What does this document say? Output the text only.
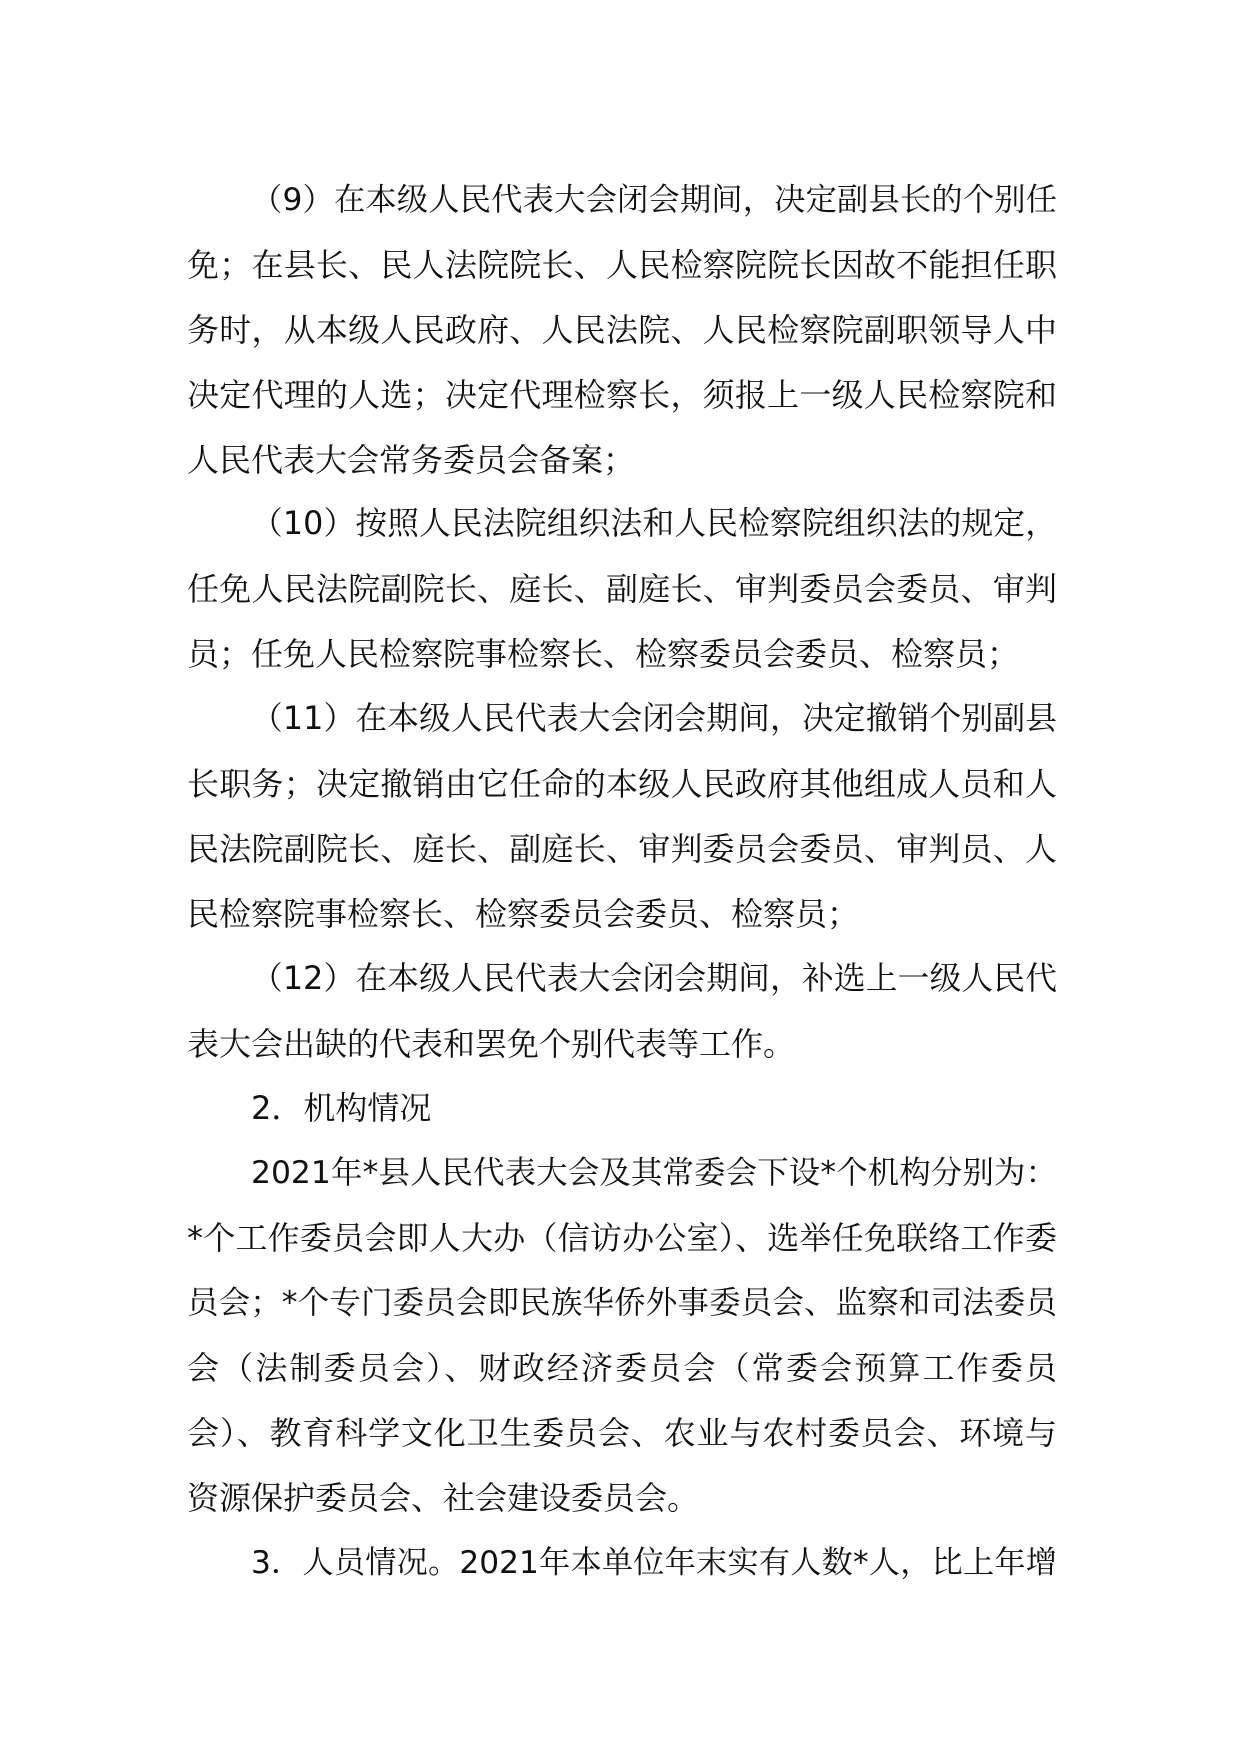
（9）在本级人民代表大会闭会期间，决定副县长的个别任
免；在县长、民人法院院长、人民检察院院长因故不能担任职
务时，从本级人民政府、人民法院、人民检察院副职领导人中
决定代理的人选；决定代理检察长，须报上一级人民检察院和
人民代表大会常务委员会备案；
（10）按照人民法院组织法和人民检察院组织法的规定，
任免人民法院副院长、庭长、副庭长、审判委员会委员、审判
员；任免人民检察院事检察长、检察委员会委员、检察员；
（11）在本级人民代表大会闭会期间，决定撤销个别副县
长职务；决定撤销由它任命的本级人民政府其他组成人员和人
民法院副院长、庭长、副庭长、审判委员会委员、审判员、人
民检察院事检察长、检察委员会委员、检察员；
（12）在本级人民代表大会闭会期间，补选上一级人民代
表大会出缺的代表和罢免个别代表等工作。
2．机构情况
2021年*县人民代表大会及其常委会下设*个机构分别为：
*个工作委员会即人大办（信访办公室）、选举任免联络工作委
员会；*个专门委员会即民族华侨外事委员会、监察和司法委员
会（法制委员会）、财政经济委员会（常委会预算工作委员
会）、教育科学文化卫生委员会、农业与农村委员会、环境与
资源保护委员会、社会建设委员会。
3．人员情况。2021年本单位年末实有人数*人，比上年增
